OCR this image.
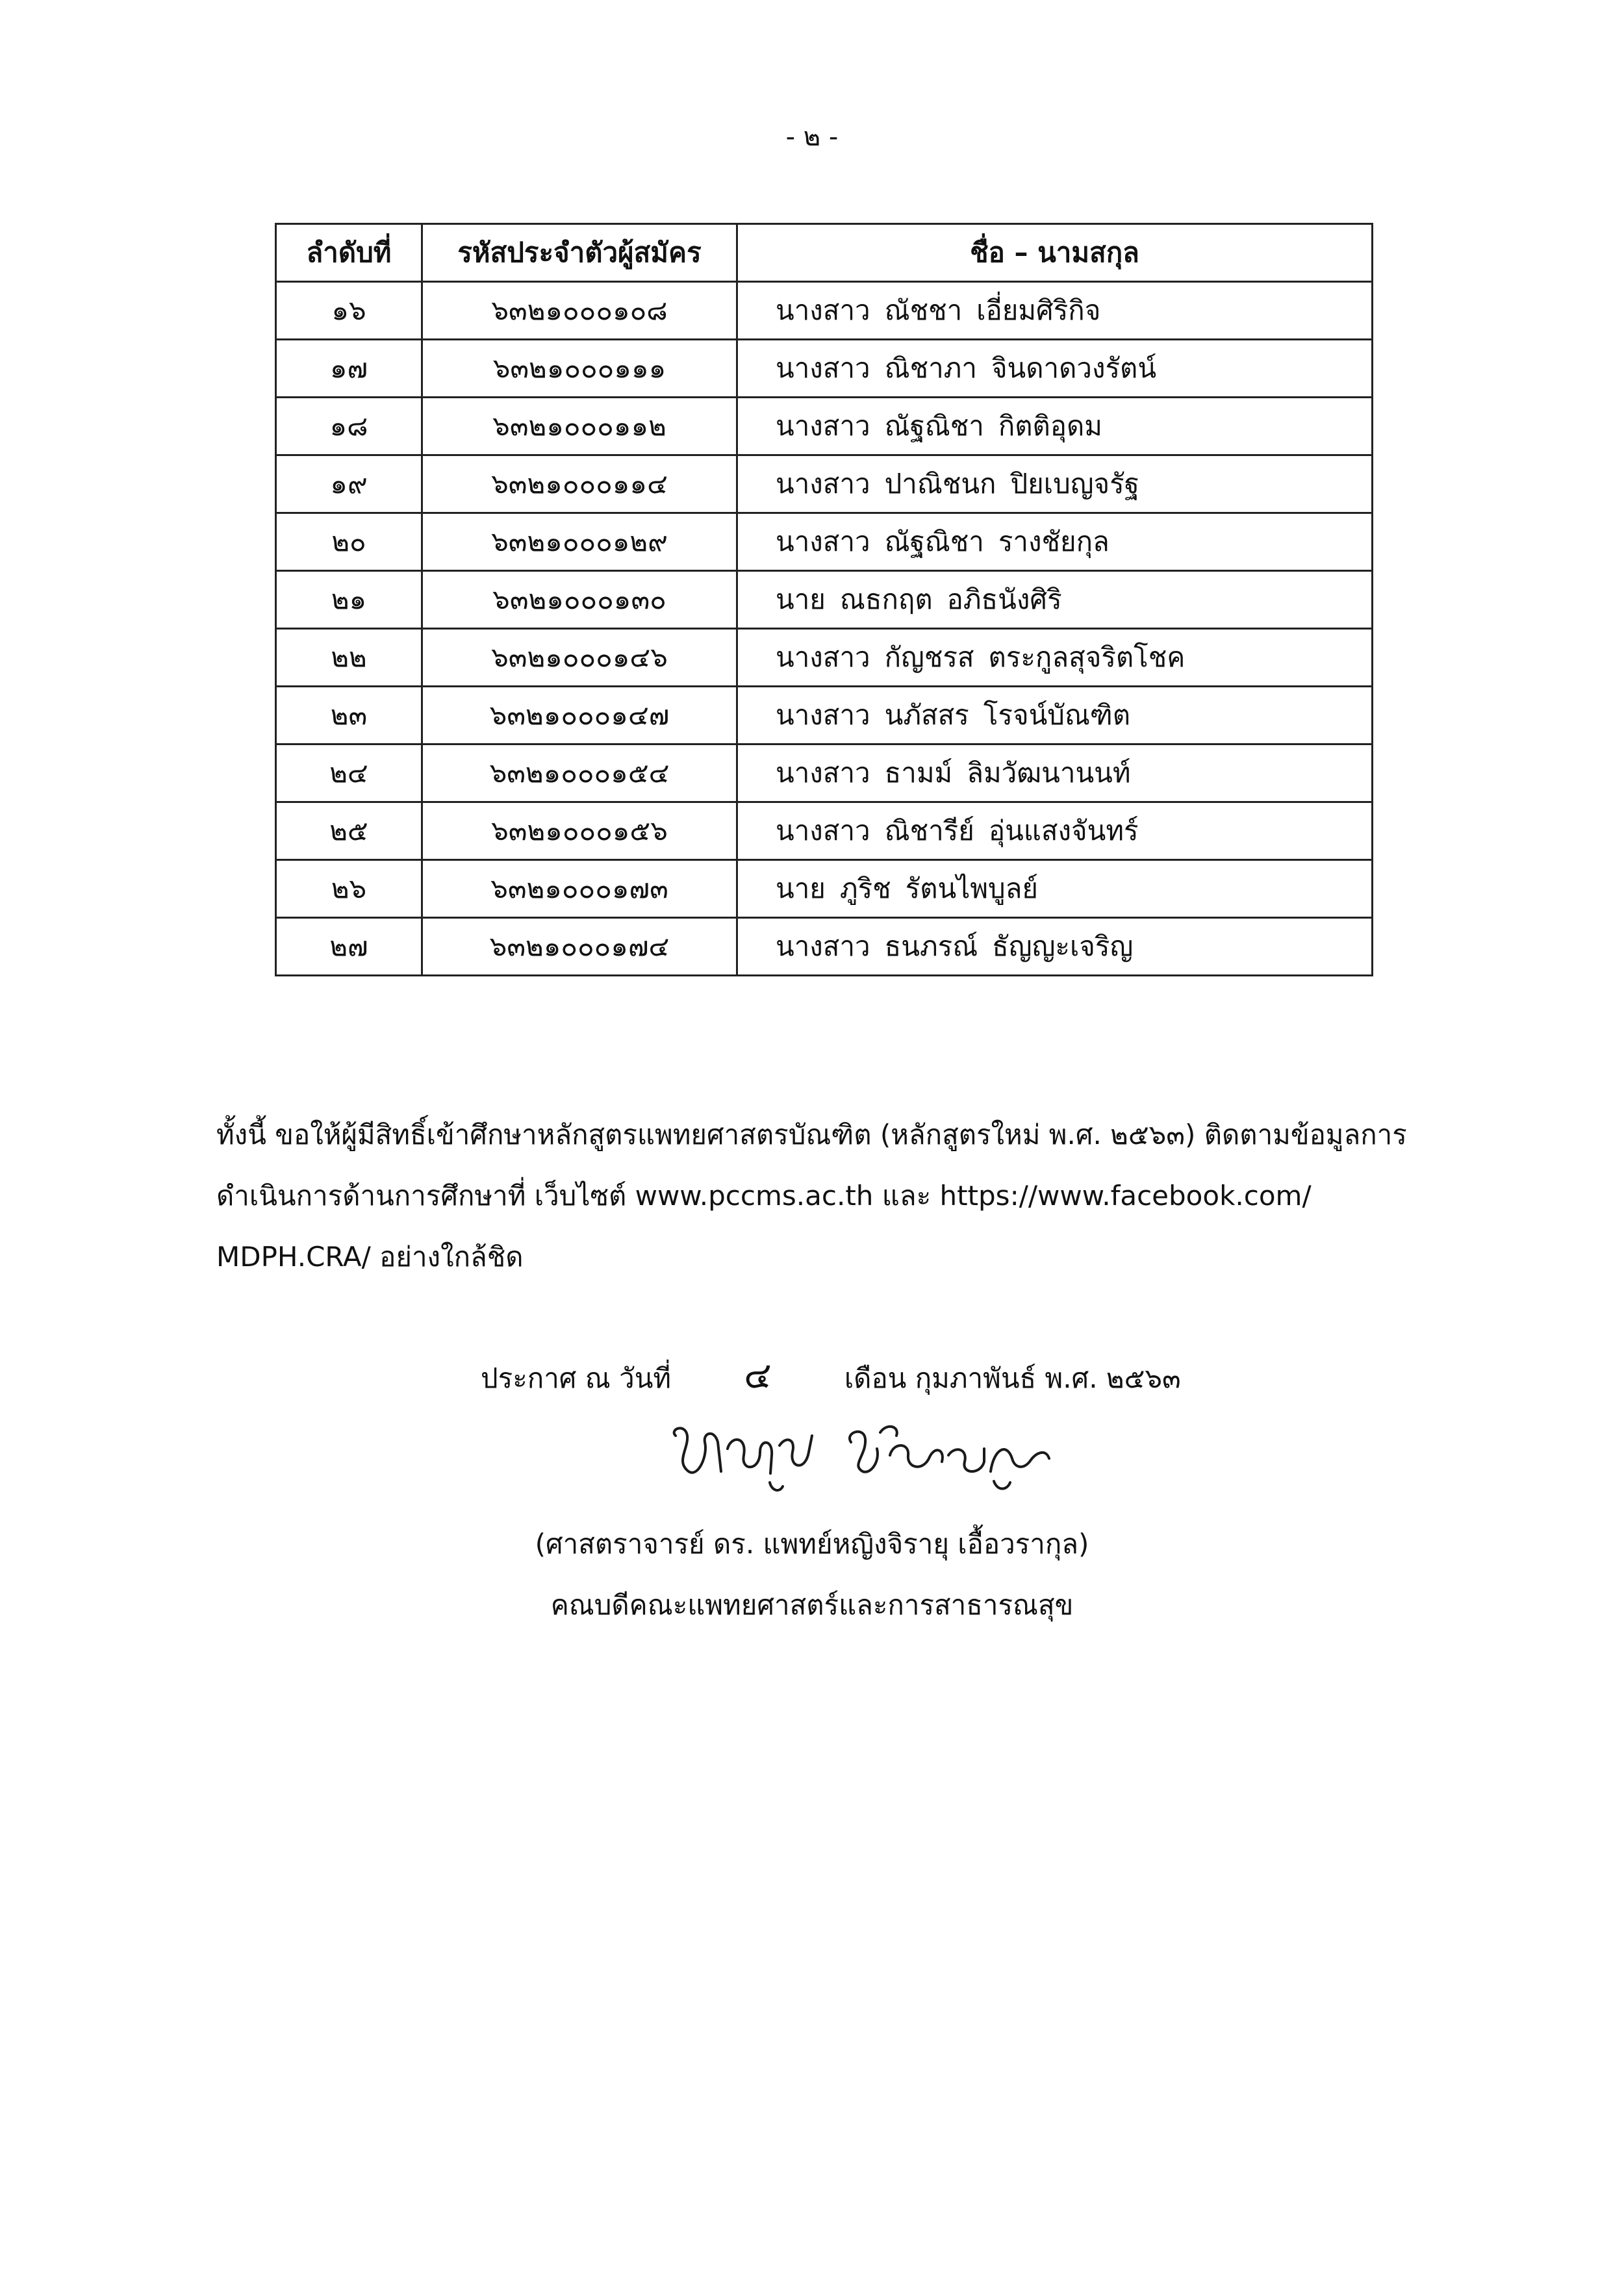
- ๒ -
ลำดับที่	รหัสประจำตัวผู้สมัคร	ชื่อ – นามสกุล
๑๖	๖๓๒๑๐๐๐๑๐๘	นางสาว ณัชชา เอี่ยมศิริกิจ
๑๗	๖๓๒๑๐๐๐๑๑๑	นางสาว ณิชาภา จินดาดวงรัตน์
๑๘	๖๓๒๑๐๐๐๑๑๒	นางสาว ณัฐณิชา กิตติอุดม
๑๙	๖๓๒๑๐๐๐๑๑๔	นางสาว ปาณิชนก ปิยเบญจรัฐ
๒๐	๖๓๒๑๐๐๐๑๒๙	นางสาว ณัฐณิชา รางชัยกุล
๒๑	๖๓๒๑๐๐๐๑๓๐	นาย ณธกฤต อภิธนังศิริ
๒๒	๖๓๒๑๐๐๐๑๔๖	นางสาว กัญชรส ตระกูลสุจริตโชค
๒๓	๖๓๒๑๐๐๐๑๔๗	นางสาว นภัสสร โรจน์บัณฑิต
๒๔	๖๓๒๑๐๐๐๑๕๔	นางสาว ธามม์ ลิมวัฒนานนท์
๒๕	๖๓๒๑๐๐๐๑๕๖	นางสาว ณิชารีย์ อุ่นแสงจันทร์
๒๖	๖๓๒๑๐๐๐๑๗๓	นาย ภูริช รัตนไพบูลย์
๒๗	๖๓๒๑๐๐๐๑๗๔	นางสาว ธนภรณ์ ธัญญะเจริญ

ทั้งนี้ ขอให้ผู้มีสิทธิ์เข้าศึกษาหลักสูตรแพทยศาสตรบัณฑิต (หลักสูตรใหม่ พ.ศ. ๒๕๖๓) ติดตามข้อมูลการ

ดำเนินการด้านการศึกษาที่ เว็บไซต์ www.pccms.ac.th และ https://www.facebook.com/

MDPH.CRA/ อย่างใกล้ชิด

ประกาศ ณ วันที่ ๔	เดือน กุมภาพันธ์ พ.ศ. ๒๕๖๓

(ศาสตราจารย์ ดร. แพทย์หญิงจิรายุ เอื้อวรากุล)

คณบดีคณะแพทยศาสตร์และการสาธารณสุข
